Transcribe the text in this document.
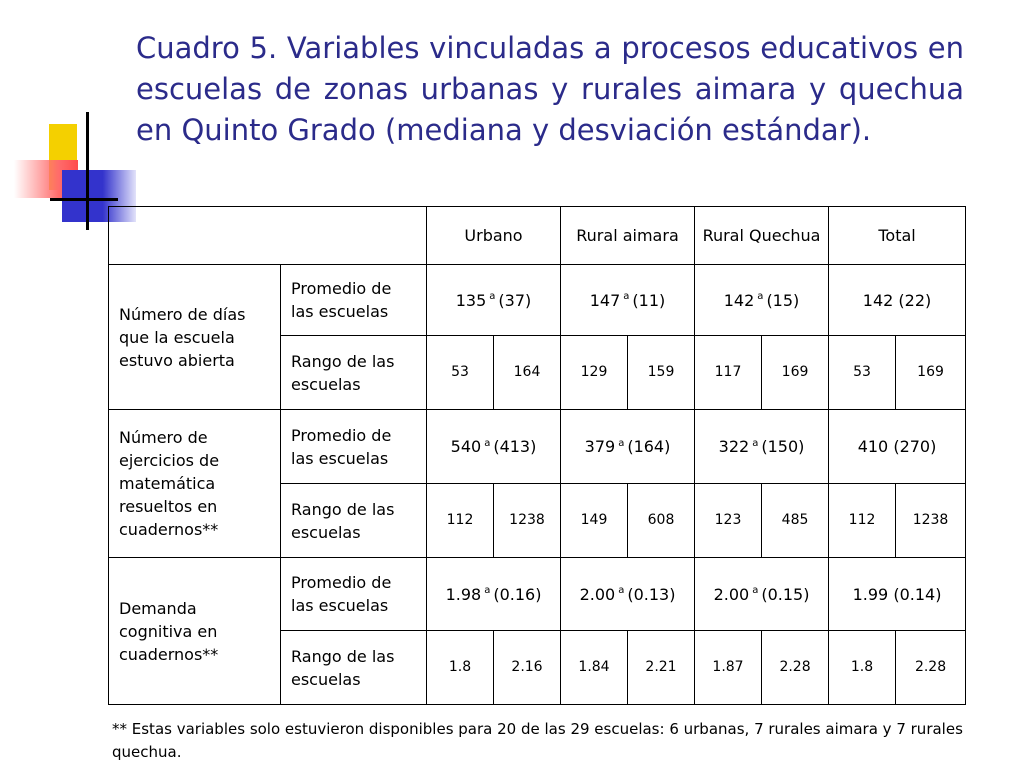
Cuadro 5. Variables vinculadas a procesos educativos en escuelas de zonas urbanas y rurales aimara y quechua en Quinto Grado (mediana y desviación estándar).
		Urbano		Rural aimara		Rural Quechua		Total	
Número de días que la escuela estuvo abierta	Promedio de las escuelas	135 $^a$ (37)		147 $^a$ (11)		142 $^a$ (15)		142 (22)	
	Rango de las escuelas	53	164	129	159	117	169	53	169
Número de ejercicios de matemática resueltos en cuadernos**	Promedio de las escuelas	540 $^a$ (413)		379 $^a$ (164)		322 $^a$ (150)		410 (270)	
	Rango de las escuelas	112	1238	149	608	123	485	112	1238
Demanda cognitiva en cuadernos**	Promedio de las escuelas	1.98 $^a$ (0.16)		2.00 $^a$ (0.13)		2.00 $^a$ (0.15)		1.99 (0.14)	
	Rango de las escuelas	1.8	2.16	1.84	2.21	1.87	2.28	1.8	2.28
** Estas variables solo estuvieron disponibles para 20 de las 29 escuelas: 6 urbanas, 7 rurales aimara y 7 rurales quechua.
